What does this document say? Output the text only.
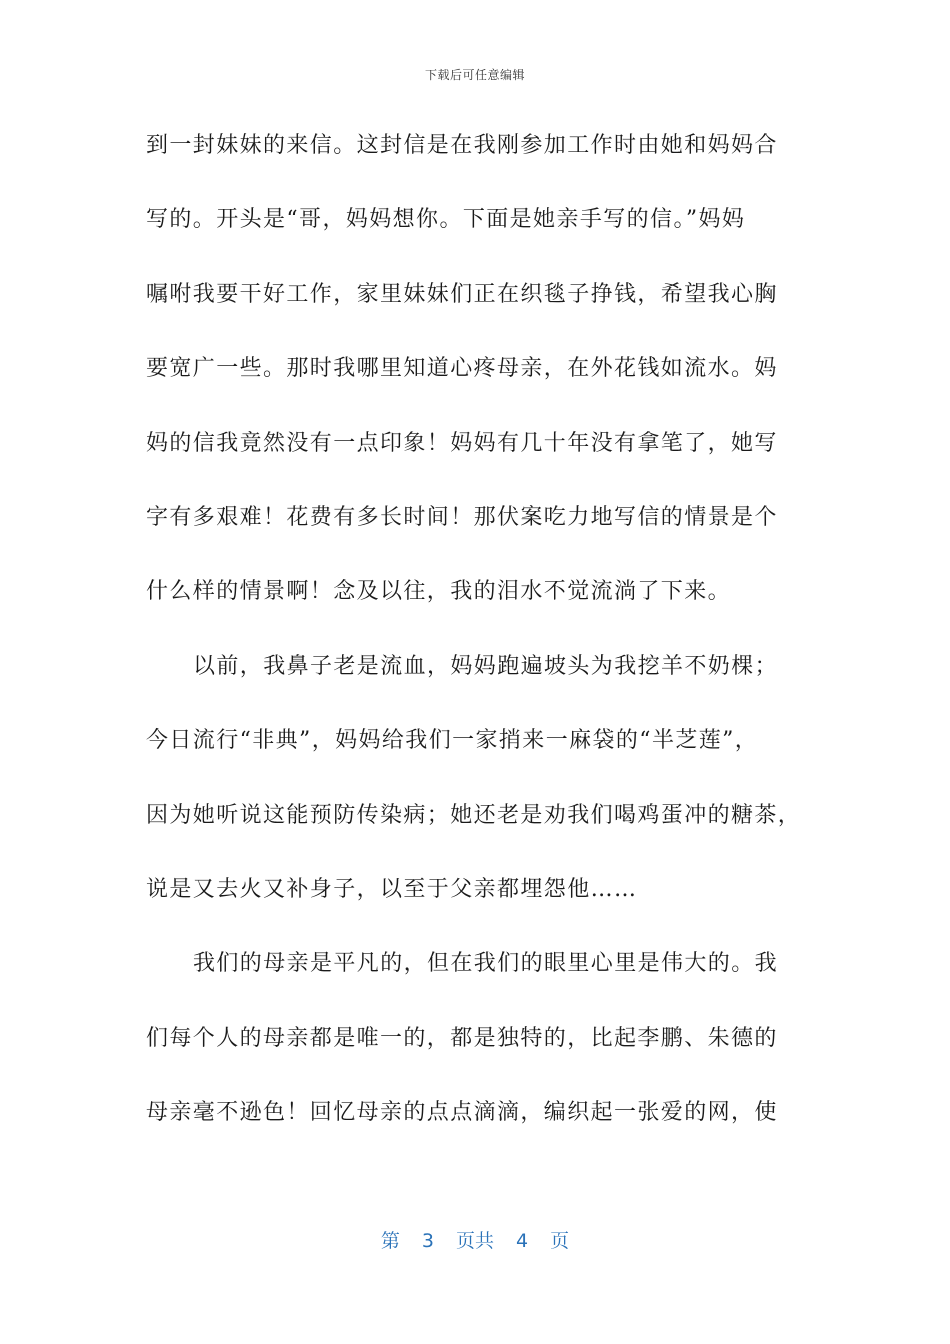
下载后可任意编辑
到一封妹妹的来信。这封信是在我刚参加工作时由她和妈妈合
写的。开头是“哥，妈妈想你。下面是她亲手写的信。”妈妈
嘱咐我要干好工作，家里妹妹们正在织毯子挣钱，希望我心胸
要宽广一些。那时我哪里知道心疼母亲，在外花钱如流水。妈
妈的信我竟然没有一点印象！妈妈有几十年没有拿笔了，她写
字有多艰难！花费有多长时间！那伏案吃力地写信的情景是个
什么样的情景啊！念及以往，我的泪水不觉流淌了下来。
以前，我鼻子老是流血，妈妈跑遍坡头为我挖羊不奶棵；
今日流行“非典”，妈妈给我们一家捎来一麻袋的“半芝莲”，
因为她听说这能预防传染病；她还老是劝我们喝鸡蛋冲的糖茶，
说是又去火又补身子，以至于父亲都埋怨他……
我们的母亲是平凡的，但在我们的眼里心里是伟大的。我
们每个人的母亲都是唯一的，都是独特的，比起李鹏、朱德的
母亲毫不逊色！回忆母亲的点点滴滴，编织起一张爱的网，使
第 3 页共 4 页
